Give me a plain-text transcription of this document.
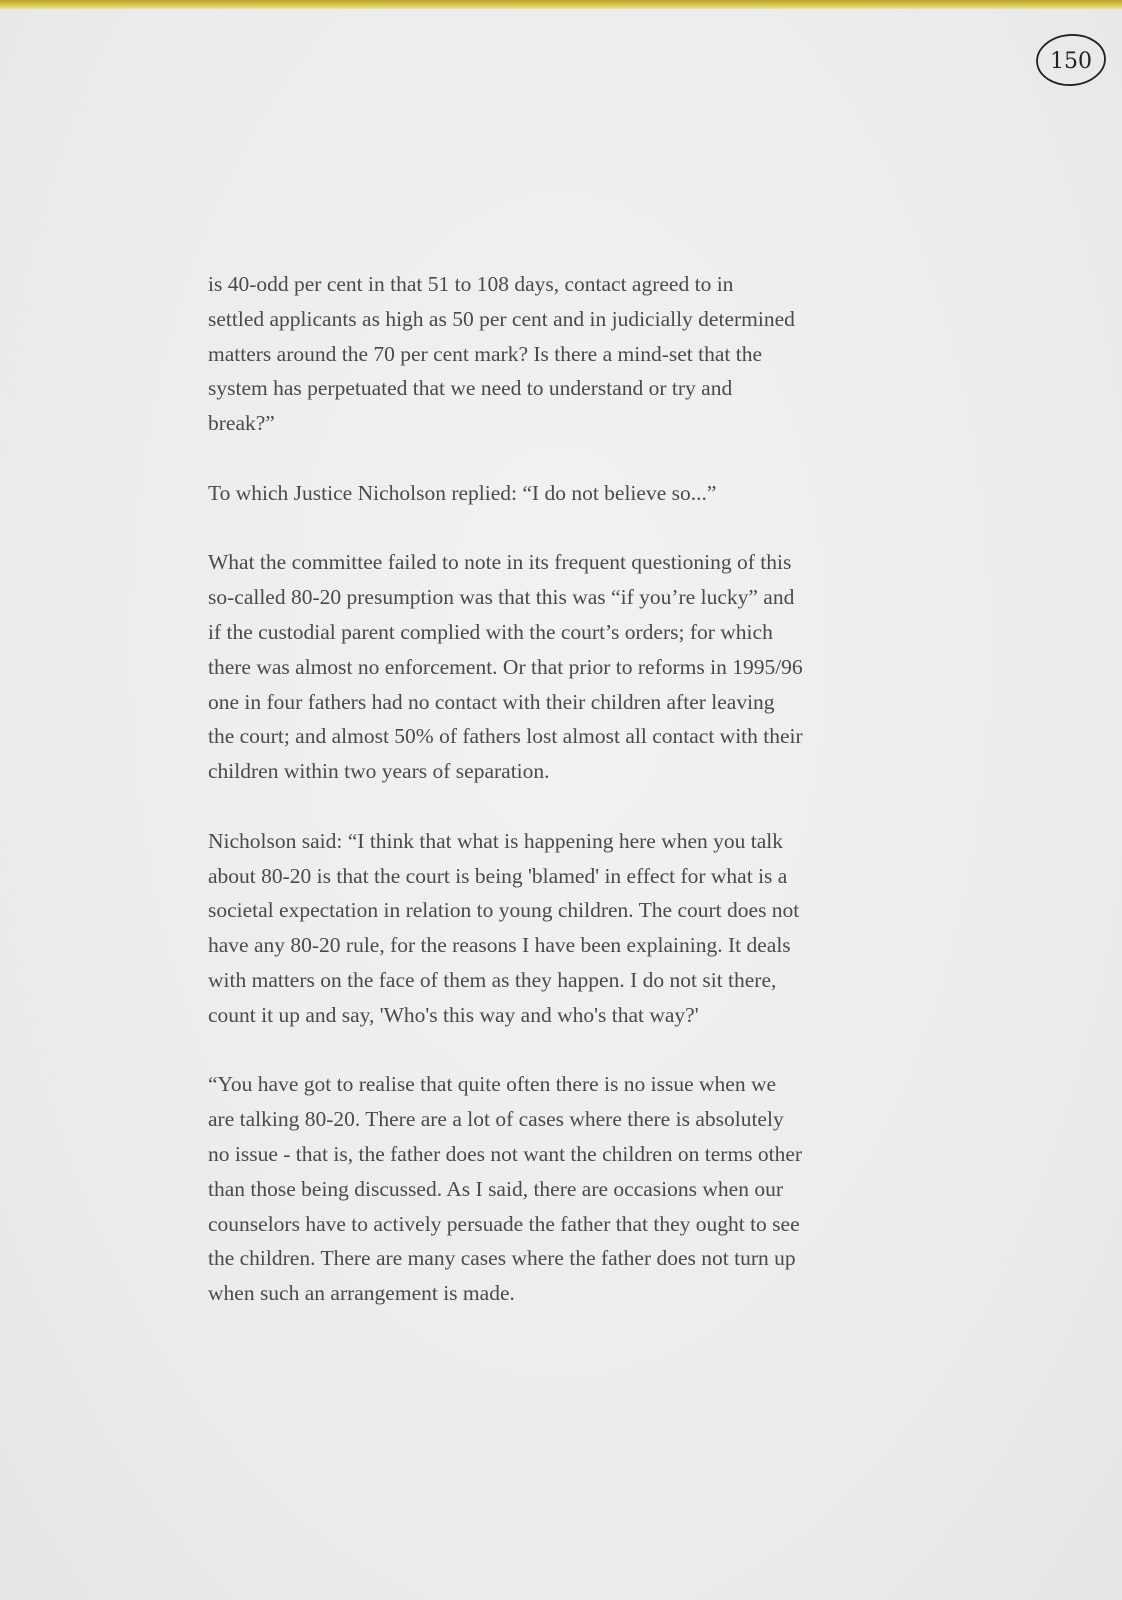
150

is 40-odd per cent in that 51 to 108 days, contact agreed to in
settled applicants as high as 50 per cent and in judicially determined
matters around the 70 per cent mark? Is there a mind-set that the
system has perpetuated that we need to understand or try and
break?”

To which Justice Nicholson replied: “I do not believe so...”

What the committee failed to note in its frequent questioning of this
so-called 80-20 presumption was that this was “if you’re lucky” and
if the custodial parent complied with the court’s orders; for which
there was almost no enforcement. Or that prior to reforms in 1995/96
one in four fathers had no contact with their children after leaving
the court; and almost 50% of fathers lost almost all contact with their
children within two years of separation.

Nicholson said: “I think that what is happening here when you talk
about 80-20 is that the court is being 'blamed' in effect for what is a
societal expectation in relation to young children. The court does not
have any 80-20 rule, for the reasons I have been explaining. It deals
with matters on the face of them as they happen. I do not sit there,
count it up and say, 'Who's this way and who's that way?'

“You have got to realise that quite often there is no issue when we
are talking 80-20. There are a lot of cases where there is absolutely
no issue - that is, the father does not want the children on terms other
than those being discussed. As I said, there are occasions when our
counselors have to actively persuade the father that they ought to see
the children. There are many cases where the father does not turn up
when such an arrangement is made.
